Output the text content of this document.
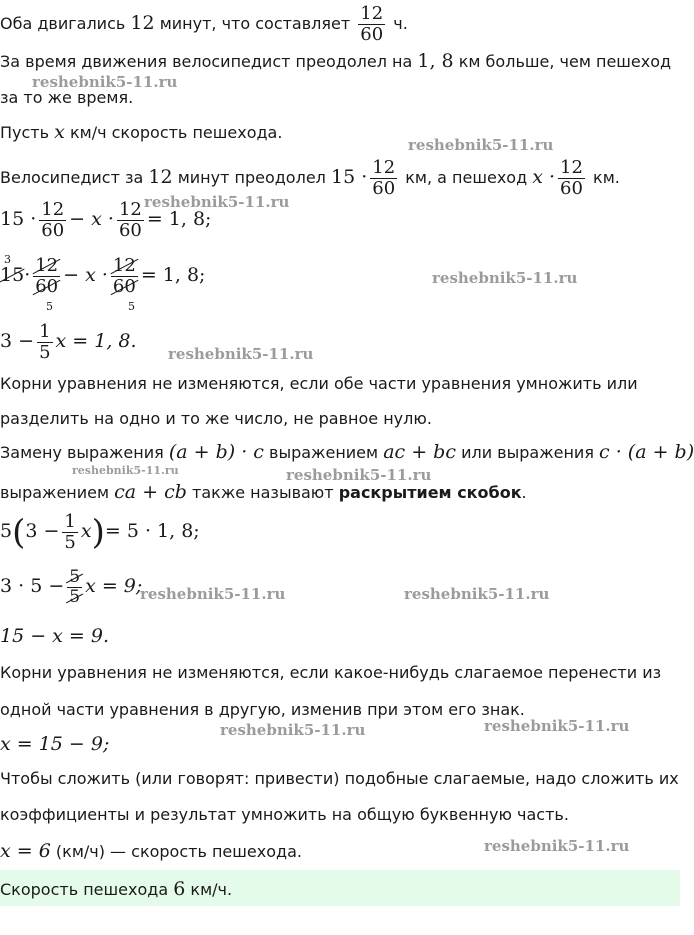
Оба двигались 12 минут, что составляет $\frac{12}{60} ч$.
За время движения велосипедист преодолел на 1, 8 км больше, чем пешеход
за то же время.
Пусть x км/ч скорость пешехода.
Велосипедист за 12 минут преодолел $15 \cdot \frac{12}{60}$ км, а пешеход $x \cdot \frac{12}{60}$ км.
$15 \cdot \frac{12}{60} - x \cdot \frac{12}{60} = 1$, 8;
$15\cdot \frac{12}{60} - x \cdot \frac{12}{60} = 1$, 8;
3
5	5
$3 - \frac{1}{5}$ x = 1, 8.
Корни уравнения не изменяются, если обе части уравнения умножить или
разделить на одно и то же число, не равное нулю.
Замену выражения (a + b) · c выражением ac + bc или выражения c · (a + b)
выражением ca + cb также называют раскрытием скобок.
$5(3 - \frac{1}{5} x)= 5 \cdot 1$, 8;
$3 \cdot 5 - \frac{5}{5}$ x = 9;
15 − x = 9.
Корни уравнения не изменяются, если какое-нибудь слагаемое перенести из
одной части уравнения в другую, изменив при этом его знак.
x = 15 − 9;
Чтобы сложить (или говорят: привести) подобные слагаемые, надо сложить их
коэффициенты и результат умножить на общую буквенную часть.
x = 6 (км/ч) — скорость пешехода.
Скорость пешехода 6 км/ч.
reshebnik5-11.ru
reshebnik5-11.ru
reshebnik5-11.ru
reshebnik5-11.ru
reshebnik5-11.ru
reshebnik5-11.ru	reshebnik5-11.ru
reshebnik5-11.ru	reshebnik5-11.ru
reshebnik5-11.ru
reshebnik5-11.ru
reshebnik5-11.ru
